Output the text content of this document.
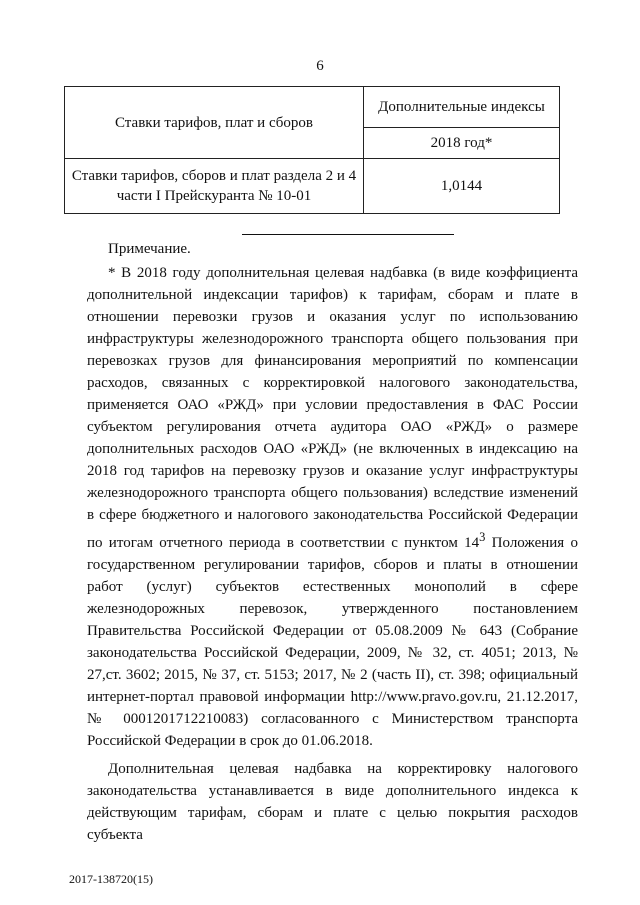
6
Ставки тарифов, плат и сборов	Дополнительные индексы
	2018 год*
Ставки тарифов, сборов и плат раздела 2 и 4 части I Прейскуранта № 10-01	1,0144
Примечание.
* В 2018 году дополнительная целевая надбавка (в виде коэффициента дополнительной индексации тарифов) к тарифам, сборам и плате в отношении перевозки грузов и оказания услуг по использованию инфраструктуры железнодорожного транспорта общего пользования при перевозках грузов для финансирования мероприятий по компенсации расходов, связанных с корректировкой налогового законодательства, применяется ОАО «РЖД» при условии предоставления в ФАС России субъектом регулирования отчета аудитора ОАО «РЖД» о размере дополнительных расходов ОАО «РЖД» (не включенных в индексацию на 2018 год тарифов на перевозку грузов и оказание услуг инфраструктуры железнодорожного транспорта общего пользования) вследствие изменений в сфере бюджетного и налогового законодательства Российской Федерации по итогам отчетного периода в соответствии с пунктом $14^3$ Положения о государственном регулировании тарифов, сборов и платы в отношении работ (услуг) субъектов естественных монополий в сфере железнодорожных перевозок, утвержденного постановлением Правительства Российской Федерации от 05.08.2009 № 643 (Собрание законодательства Российской Федерации, 2009, № 32, ст. 4051; 2013, № 27,ст. 3602; 2015, № 37, ст. 5153; 2017, № 2 (часть II), ст. 398; официальный интернет-портал правовой информации http://www.pravo.gov.ru, 21.12.2017, № 0001201712210083) согласованного с Министерством транспорта Российской Федерации в срок до 01.06.2018.
Дополнительная целевая надбавка на корректировку налогового законодательства устанавливается в виде дополнительного индекса к действующим тарифам, сборам и плате с целью покрытия расходов субъекта
2017-138720(15)
